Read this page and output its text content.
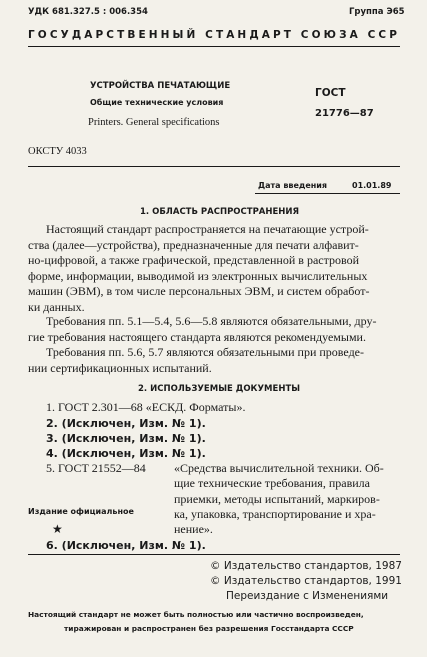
УДК 681.327.5 : 006.354	Группа Э65
ГОСУДАРСТВЕННЫЙ СТАНДАРТ СОЮЗА ССР
УСТРОЙСТВА ПЕЧАТАЮЩИЕ
Общие технические условия
Printers. General specifications
ГОСТ
21776—87
ОКСТУ 4033
Дата введения	01.01.89
1. ОБЛАСТЬ РАСПРОСТРАНЕНИЯ
Настоящий стандарт распространяется на печатающие устрой-
ства (далее—устройства), предназначенные для печати алфавит-
но-цифровой, а также графической, представленной в растровой
форме, информации, выводимой из электронных вычислительных
машин (ЭВМ), в том числе персональных ЭВМ, и систем обработ-
ки данных.
Требования пп. 5.1—5.4, 5.6—5.8 являются обязательными, дру-
гие требования настоящего стандарта являются рекомендуемыми.
Требования пп. 5.6, 5.7 являются обязательными при проведе-
нии сертификационных испытаний.
2. ИСПОЛЬЗУЕМЫЕ ДОКУМЕНТЫ
1. ГОСТ 2.301—68 «ЕСКД. Форматы».
2. (Исключен, Изм. № 1).
3. (Исключен, Изм. № 1).
4. (Исключен, Изм. № 1).
5. ГОСТ 21552—84 «Средства вычислительной техники. Об-
щие технические требования, правила
приемки, методы испытаний, маркиров-
ка, упаковка, транспортирование и хра-
нение».
6. (Исключен, Изм. № 1).
Издание официальное
★
© Издательство стандартов, 1987
© Издательство стандартов, 1991
Переиздание с Изменениями
Настоящий стандарт не может быть полностью или частично воспроизведен,
тиражирован и распространен без разрешения Госстандарта СССР
